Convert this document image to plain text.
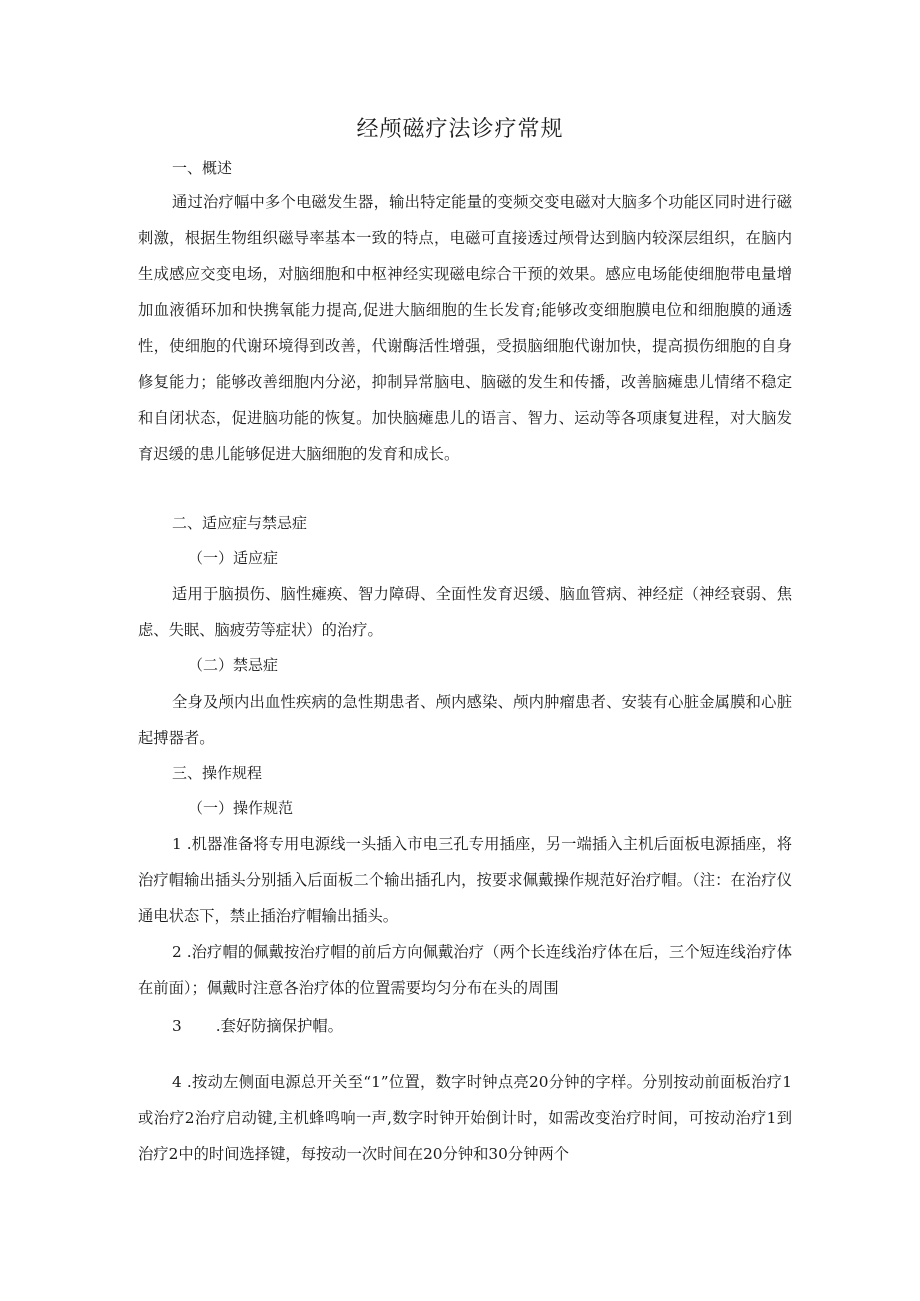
经颅磁疗法诊疗常规
一、概述

通过治疗幅中多个电磁发生器，输出特定能量的变频交变电磁对大脑多个功能区同时进行磁刺激，根据生物组织磁导率基本一致的特点，电磁可直接透过颅骨达到脑内较深层组织，在脑内生成感应交变电场，对脑细胞和中枢神经实现磁电综合干预的效果。感应电场能使细胞带电量增加血液循环加和快携氧能力提高,促进大脑细胞的生长发育;能够改变细胞膜电位和细胞膜的通透性，使细胞的代谢环境得到改善，代谢酶活性增强，受损脑细胞代谢加快，提高损伤细胞的自身修复能力；能够改善细胞内分泌，抑制异常脑电、脑磁的发生和传播，改善脑瘫患儿情绪不稳定和自闭状态，促进脑功能的恢复。加快脑瘫患儿的语言、智力、运动等各项康复进程，对大脑发育迟缓的患儿能够促进大脑细胞的发育和成长。

二、适应症与禁忌症
（一）适应症

适用于脑损伤、脑性瘫痪、智力障碍、全面性发育迟缓、脑血管病、神经症（神经衰弱、焦虑、失眠、脑疲劳等症状）的治疗。

（二）禁忌症

全身及颅内出血性疾病的急性期患者、颅内感染、颅内肿瘤患者、安装有心脏金属膜和心脏起搏器者。

三、操作规程
（一）操作规范

1 .机器准备将专用电源线一头插入市电三孔专用插座，另一端插入主机后面板电源插座，将治疗帽输出插头分别插入后面板二个输出插孔内，按要求佩戴操作规范好治疗帽。（注：在治疗仪通电状态下，禁止插治疗帽输出插头。

2 .治疗帽的佩戴按治疗帽的前后方向佩戴治疗（两个长连线治疗体在后，三个短连线治疗体在前面）；佩戴时注意各治疗体的位置需要均匀分布在头的周围

3 .套好防摘保护帽。

4 .按动左侧面电源总开关至“1”位置，数字时钟点亮20分钟的字样。分别按动前面板治疗1或治疗2治疗启动键,主机蜂鸣响一声,数字时钟开始倒计时，如需改变治疗时间，可按动治疗1到治疗2中的时间选择键，每按动一次时间在20分钟和30分钟两个
